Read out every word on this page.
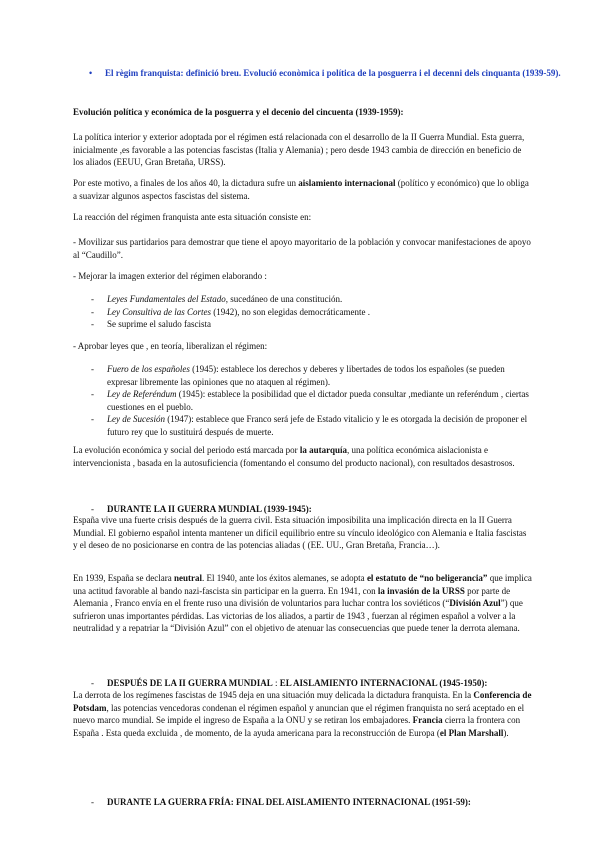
• El règim franquista: definició breu. Evolució econòmica i política de la posguerra i el decenni dels cinquanta (1939-59).

Evolución política y económica de la posguerra y el decenio del cincuenta (1939-1959):

La política interior y exterior adoptada por el régimen está relacionada con el desarrollo de la II Guerra Mundial. Esta guerra, inicialmente ,es favorable a las potencias fascistas (Italia y Alemania) ; pero desde 1943 cambia de dirección en beneficio de los aliados (EEUU, Gran Bretaña, URSS).

Por este motivo, a finales de los años 40, la dictadura sufre un aislamiento internacional (político y económico) que lo obliga a suavizar algunos aspectos fascistas del sistema.

La reacción del régimen franquista ante esta situación consiste en:

- Movilizar sus partidarios para demostrar que tiene el apoyo mayoritario de la población y convocar manifestaciones de apoyo al “Caudillo”.

- Mejorar la imagen exterior del régimen elaborando :

- Leyes Fundamentales del Estado, sucedáneo de una constitución.
- Ley Consultiva de las Cortes (1942), no son elegidas democráticamente .
- Se suprime el saludo fascista

- Aprobar leyes que , en teoría, liberalizan el régimen:

- Fuero de los españoles (1945): establece los derechos y deberes y libertades de todos los españoles (se pueden expresar libremente las opiniones que no ataquen al régimen).
- Ley de Referéndum (1945): establece la posibilidad que el dictador pueda consultar ,mediante un referéndum , ciertas cuestiones en el pueblo.
- Ley de Sucesión (1947): establece que Franco será jefe de Estado vitalicio y le es otorgada la decisión de proponer el futuro rey que lo sustituirá después de muerte.

La evolución económica y social del periodo está marcada por la autarquía, una política económica aislacionista e intervencionista , basada en la autosuficiencia (fomentando el consumo del producto nacional), con resultados desastrosos.

- DURANTE LA II GUERRA MUNDIAL (1939-1945):

España vive una fuerte crisis después de la guerra civil. Esta situación imposibilita una implicación directa en la II Guerra Mundial. El gobierno español intenta mantener un difícil equilibrio entre su vínculo ideológico con Alemania e Italia fascistas y el deseo de no posicionarse en contra de las potencias aliadas ( (EE. UU., Gran Bretaña, Francia…).

En 1939, España se declara neutral. El 1940, ante los éxitos alemanes, se adopta el estatuto de “no beligerancia” que implica una actitud favorable al bando nazi-fascista sin participar en la guerra. En 1941, con la invasión de la URSS por parte de Alemania , Franco envía en el frente ruso una división de voluntarios para luchar contra los soviéticos (“División Azul”) que sufrieron unas importantes pérdidas. Las victorias de los aliados, a partir de 1943 , fuerzan al régimen español a volver a la neutralidad y a repatriar la “División Azul” con el objetivo de atenuar las consecuencias que puede tener la derrota alemana.

- DESPUÉS DE LA II GUERRA MUNDIAL : EL AISLAMIENTO INTERNACIONAL (1945-1950):

La derrota de los regímenes fascistas de 1945 deja en una situación muy delicada la dictadura franquista. En la Conferencia de Potsdam, las potencias vencedoras condenan el régimen español y anuncian que el régimen franquista no será aceptado en el nuevo marco mundial. Se impide el ingreso de España a la ONU y se retiran los embajadores. Francia cierra la frontera con España . Esta queda excluida , de momento, de la ayuda americana para la reconstrucción de Europa (el Plan Marshall).

- DURANTE LA GUERRA FRÍA: FINAL DEL AISLAMIENTO INTERNACIONAL (1951-59):
